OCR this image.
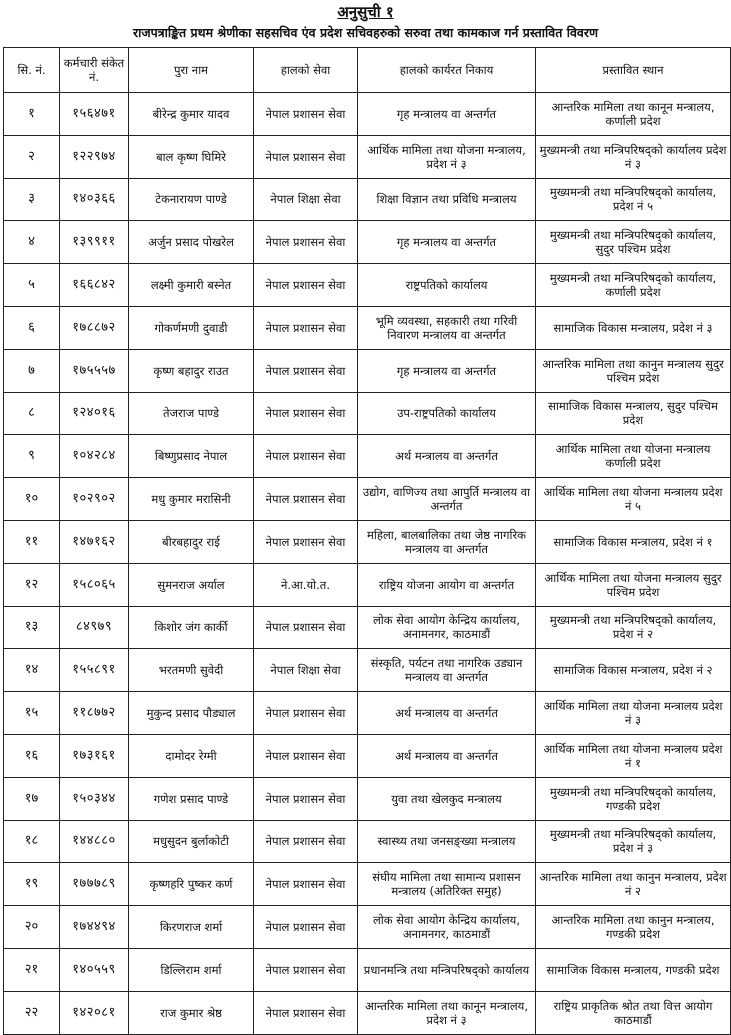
अनुसुची १
राजपत्राङ्कित प्रथम श्रेणीका सहसचिव एंव प्रदेश सचिवहरुको सरुवा तथा कामकाज गर्न प्रस्तावित विवरण
सि. नं.	कर्मचारी संकेत नं.	पुरा नाम	हालको सेवा	हालको कार्यरत निकाय	प्रस्तावित स्थान
१	१५६४७१	बीरेन्द्र कुमार यादव	नेपाल प्रशासन सेवा	गृह मन्त्रालय वा अन्तर्गत	आन्तरिक मामिला तथा कानून मन्त्रालय, कर्णाली प्रदेश
२	१२२९७४	बाल कृष्ण घिमिरे	नेपाल प्रशासन सेवा	आर्थिक मामिला तथा योजना मन्त्रालय, प्रदेश नं ३	मुख्यमन्त्री तथा मन्त्रिपरिषद्को कार्यालय प्रदेश नं ३
३	१४०३६६	टेकनारायण पाण्डे	नेपाल शिक्षा सेवा	शिक्षा विज्ञान तथा प्रविधि मन्त्रालय	मुख्यमन्त्री तथा मन्त्रिपरिषद्को कार्यालय, प्रदेश नं ५
४	१३९९११	अर्जुन प्रसाद पोखरेल	नेपाल प्रशासन सेवा	गृह मन्त्रालय वा अन्तर्गत	मुख्यमन्त्री तथा मन्त्रिपरिषद्को कार्यालय, सुदुर पश्चिम प्रदेश
५	१६६८४२	लक्ष्मी कुमारी बस्नेत	नेपाल प्रशासन सेवा	राष्ट्रपतिको कार्यालय	मुख्यमन्त्री तथा मन्त्रिपरिषद्को कार्यालय, कर्णाली प्रदेश
६	१७८८७२	गोकर्णमणी दुवाडी	नेपाल प्रशासन सेवा	भूमि व्यवस्था, सहकारी तथा गरिवी निवारण मन्त्रालय वा अन्तर्गत	सामाजिक विकास मन्त्रालय, प्रदेश नं ३
७	१७५५५७	कृष्ण बहादुर राउत	नेपाल प्रशासन सेवा	गृह मन्त्रालय वा अन्तर्गत	आन्तरिक मामिला तथा कानुन मन्त्रालय सुदुर पश्चिम प्रदेश
८	१२४०१६	तेजराज पाण्डे	नेपाल प्रशासन सेवा	उप-राष्ट्रपतिको कार्यालय	सामाजिक विकास मन्त्रालय, सुदुर पश्चिम प्रदेश
९	१०४२८४	बिष्णुप्रसाद नेपाल	नेपाल प्रशासन सेवा	अर्थ मन्त्रालय वा अन्तर्गत	आर्थिक मामिला तथा योजना मन्त्रालय कर्णाली प्रदेश
१०	१०२९०२	मधु कुमार मरासिनी	नेपाल प्रशासन सेवा	उद्योग, वाणिज्य तथा आपुर्ति मन्त्रालय वा अन्तर्गत	आर्थिक मामिला तथा योजना मन्त्रालय प्रदेश नं ५
११	१४७१६२	बीरबहादुर राई	नेपाल प्रशासन सेवा	महिला, बालबालिका तथा जेष्ठ नागरिक मन्त्रालय वा अन्तर्गत	सामाजिक विकास मन्त्रालय, प्रदेश नं १
१२	१५८०६५	सुमनराज अर्याल	ने.आ.यो.त.	राष्ट्रिय योजना आयोग वा अन्तर्गत	आर्थिक मामिला तथा योजना मन्त्रालय सुदुर पश्चिम प्रदेश
१३	८४९७९	किशोर जंग कार्की	नेपाल प्रशासन सेवा	लोक सेवा आयोग केन्द्रिय कार्यालय, अनामनगर, काठमाडौं	मुख्यमन्त्री तथा मन्त्रिपरिषद्को कार्यालय, प्रदेश नं २
१४	१५५८९१	भरतमणी सुवेदी	नेपाल शिक्षा सेवा	संस्कृति, पर्यटन तथा नागरिक उड्यान मन्त्रालय वा अन्तर्गत	सामाजिक विकास मन्त्रालय, प्रदेश नं २
१५	११८७७२	मुकुन्द प्रसाद पौड्याल	नेपाल प्रशासन सेवा	अर्थ मन्त्रालय वा अन्तर्गत	आर्थिक मामिला तथा योजना मन्त्रालय प्रदेश नं ३
१६	१७३१६१	दामोदर रेग्मी	नेपाल प्रशासन सेवा	अर्थ मन्त्रालय वा अन्तर्गत	आर्थिक मामिला तथा योजना मन्त्रालय प्रदेश नं १
१७	१५०३४४	गणेश प्रसाद पाण्डे	नेपाल प्रशासन सेवा	युवा तथा खेलकुद मन्त्रालय	मुख्यमन्त्री तथा मन्त्रिपरिषद्को कार्यालय, गण्डकी प्रदेश
१८	१४४८८०	मधुसुदन बुर्लाकोटी	नेपाल प्रशासन सेवा	स्वास्थ्य तथा जनसङ्ख्या मन्त्रालय	मुख्यमन्त्री तथा मन्त्रिपरिषद्को कार्यालय, प्रदेश नं ३
१९	१७७७८९	कृष्णहरि पुष्कर कर्ण	नेपाल प्रशासन सेवा	संघीय मामिला तथा सामान्य प्रशासन मन्त्रालय (अतिरिक्त समुह)	आन्तरिक मामिला तथा कानुन मन्त्रालय, प्रदेश नं २
२०	१७४४९४	किरणराज शर्मा	नेपाल प्रशासन सेवा	लोक सेवा आयोग केन्द्रिय कार्यालय, अनामनगर, काठमाडौं	आन्तरिक मामिला तथा कानुन मन्त्रालय, गण्डकी प्रदेश
२१	१४०५५९	डिल्लिराम शर्मा	नेपाल प्रशासन सेवा	प्रधानमन्त्रि तथा मन्त्रिपरिषद्को कार्यालय	सामाजिक विकास मन्त्रालय, गण्डकी प्रदेश
२२	१४२०८१	राज कुमार श्रेष्ठ	नेपाल प्रशासन सेवा	आन्तरिक मामिला तथा कानून मन्त्रालय, प्रदेश नं ३	राष्ट्रिय प्राकृतिक श्रोत तथा वित्त आयोग काठमाडौं
